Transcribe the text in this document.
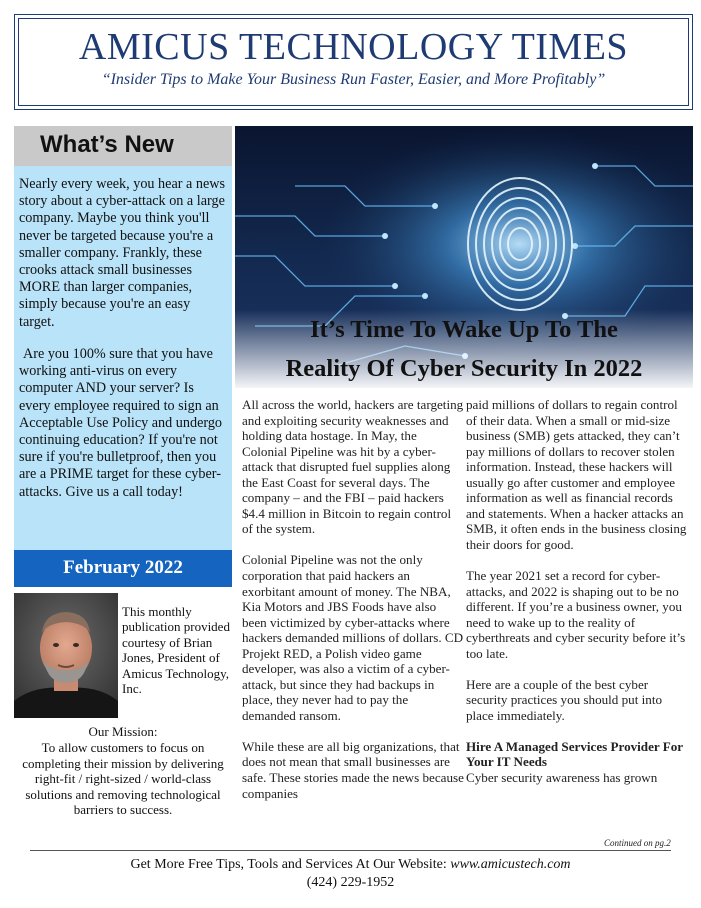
AMICUS TECHNOLOGY TIMES
“Insider Tips to Make Your Business Run Faster, Easier, and More Profitably”
What’s New

Nearly every week, you hear a news story about a cyber-attack on a large company. Maybe you think you'll never be targeted because you're a smaller company. Frankly, these crooks attack small businesses MORE than larger companies, simply because you're an easy target.

Are you 100% sure that you have working anti-virus on every computer AND your server? Is every employee required to sign an Acceptable Use Policy and undergo continuing education? If you're not sure if you're bulletproof, then you are a PRIME target for these cyber-attacks. Give us a call today!

February 2022
This monthly publication provided courtesy of Brian Jones, President of Amicus Technology, Inc.
Our Mission:
To allow customers to focus on completing their mission by delivering right-fit / right-sized / world-class solutions and removing technological barriers to success.
It’s Time To Wake Up To The
Reality Of Cyber Security In 2022

All across the world, hackers are targeting and exploiting security weaknesses and holding data hostage. In May, the Colonial Pipeline was hit by a cyber-attack that disrupted fuel supplies along the East Coast for several days. The company – and the FBI – paid hackers $4.4 million in Bitcoin to regain control of the system.

Colonial Pipeline was not the only corporation that paid hackers an exorbitant amount of money. The NBA, Kia Motors and JBS Foods have also been victimized by cyber-attacks where hackers demanded millions of dollars. CD Projekt RED, a Polish video game developer, was also a victim of a cyber-attack, but since they had backups in place, they never had to pay the demanded ransom.

While these are all big organizations, that does not mean that small businesses are safe. These stories made the news because companies

paid millions of dollars to regain control of their data. When a small or mid-size business (SMB) gets attacked, they can’t pay millions of dollars to recover stolen information. Instead, these hackers will usually go after customer and employee information as well as financial records and statements. When a hacker attacks an SMB, it often ends in the business closing their doors for good.

The year 2021 set a record for cyber-attacks, and 2022 is shaping out to be no different. If you’re a business owner, you need to wake up to the reality of cyberthreats and cyber security before it’s too late.

Here are a couple of the best cyber security practices you should put into place immediately.

Hire A Managed Services Provider For Your IT Needs
Cyber security awareness has grown

Continued on pg.2
Get More Free Tips, Tools and Services At Our Website: www.amicustech.com
(424) 229-1952
